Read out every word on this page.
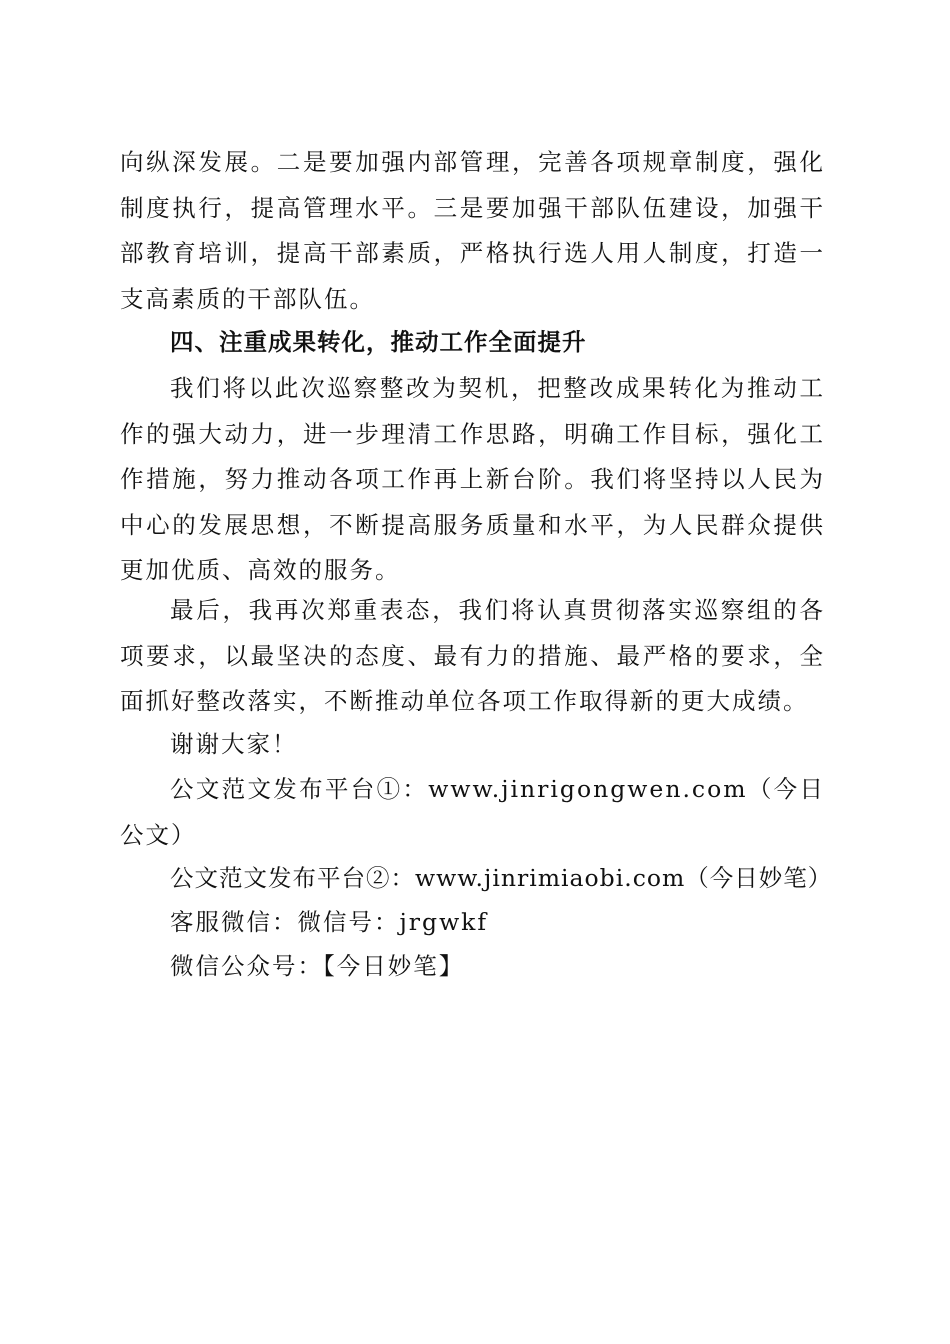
向纵深发展。二是要加强内部管理，完善各项规章制度，强化制度执行，提高管理水平。三是要加强干部队伍建设，加强干部教育培训，提高干部素质，严格执行选人用人制度，打造一支高素质的干部队伍。

四、注重成果转化，推动工作全面提升

我们将以此次巡察整改为契机，把整改成果转化为推动工作的强大动力，进一步理清工作思路，明确工作目标，强化工作措施，努力推动各项工作再上新台阶。我们将坚持以人民为中心的发展思想，不断提高服务质量和水平，为人民群众提供更加优质、高效的服务。

最后，我再次郑重表态，我们将认真贯彻落实巡察组的各项要求，以最坚决的态度、最有力的措施、最严格的要求，全面抓好整改落实，不断推动单位各项工作取得新的更大成绩。

谢谢大家！

公文范文发布平台①：www.jinrigongwen.com（今日公文）

公文范文发布平台②：www.jinrimiaobi.com（今日妙笔）

客服微信：微信号：jrgwkf

微信公众号：【今日妙笔】
